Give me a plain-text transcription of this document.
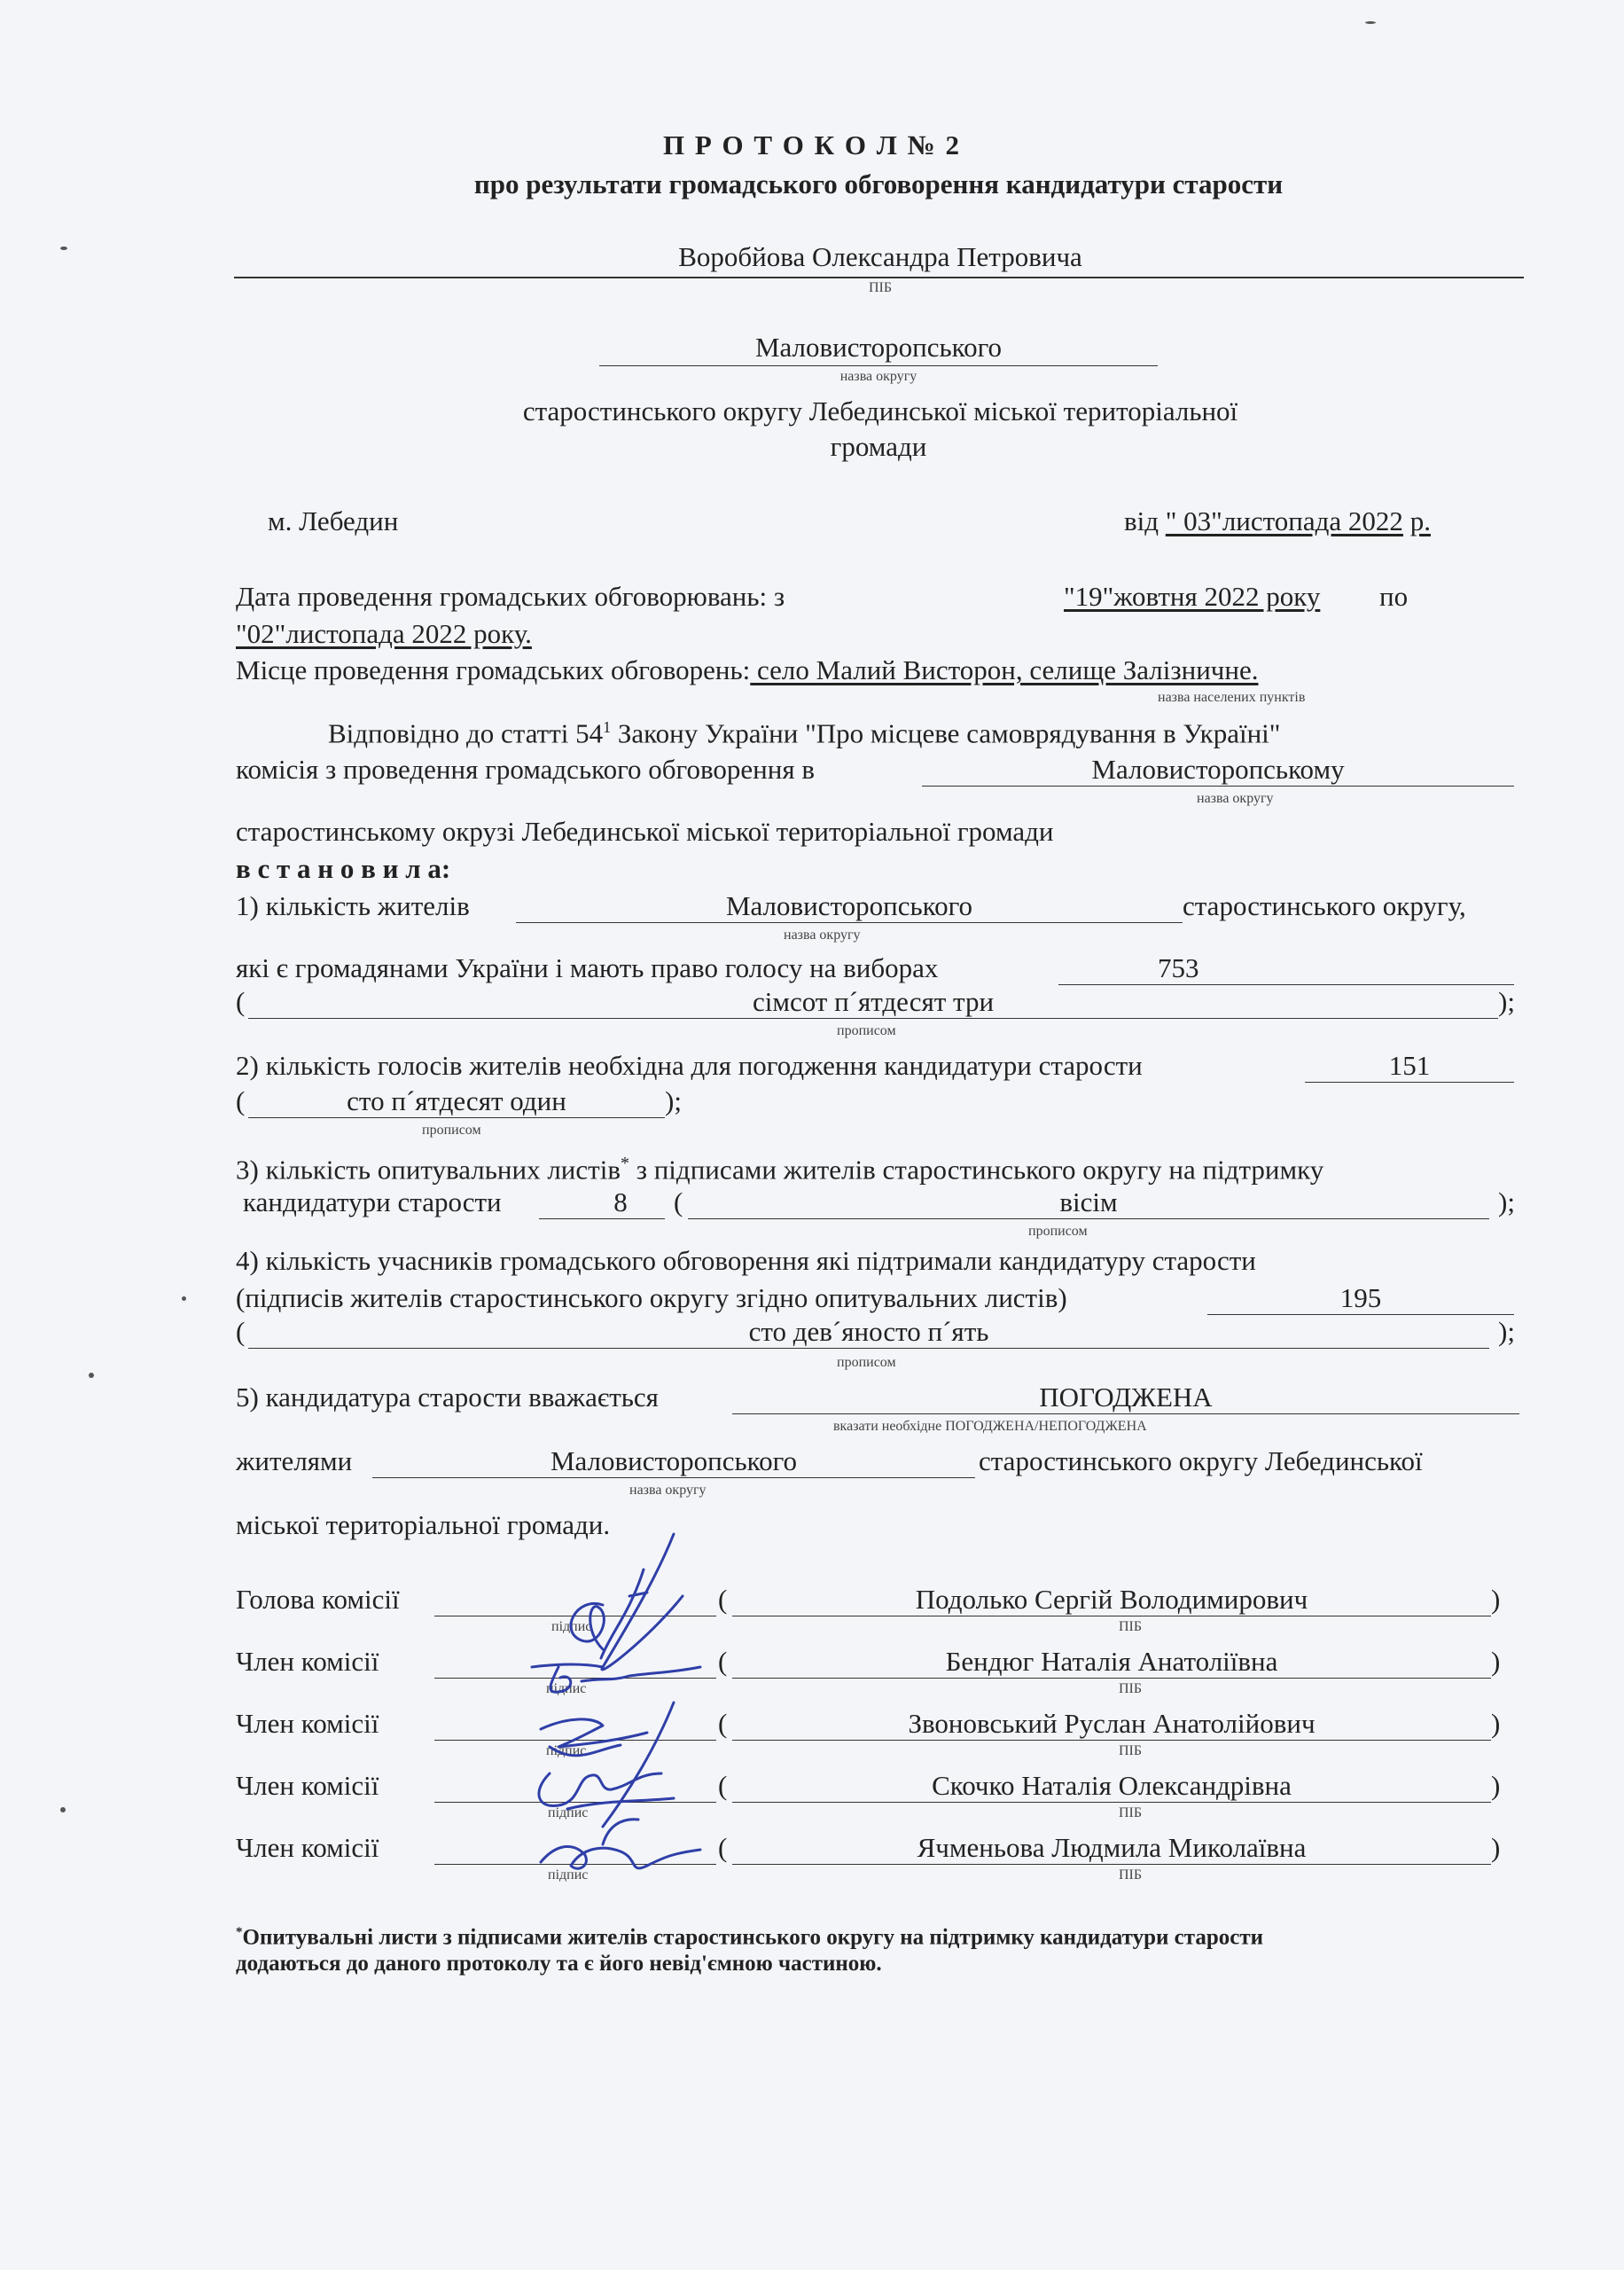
П Р О Т О К О Л № 2
про результати громадського обговорення кандидатури старости
Воробйова Олександра Петровича
ПІБ
Маловисторопського
назва округу
старостинського округу Лебединської міської територіальної
громади
м. Лебедин	від " 03"листопада 2022 р.
Дата проведення громадських обговорювань: з	"19"жовтня 2022 року по
"02"листопада 2022 року.
Місце проведення громадських обговорень: село Малий Висторон, селище Залізничне.
назва населених пунктів
Відповідно до статті $54^1$ Закону України "Про місцеве самоврядування в Україні"
комісія з проведення громадського обговорення в	Маловисторопському
назва округу
старостинському окрузі Лебединської міської територіальної громади
в с т а н о в и л а:
1) кількість жителів	Маловисторопського	старостинського округу,
назва округу
які є громадянами України і мають право голосу на виборах	753
(	сімсот п´ятдесят три	);
прописом
2) кількість голосів жителів необхідна для погодження кандидатури старости	151
(	сто п´ятдесят один	);
прописом
3) кількість опитувальних листів* з підписами жителів старостинського округу на підтримку
кандидатури старости	8	(	вісім	);
прописом
4) кількість учасників громадського обговорення які підтримали кандидатуру старости
(підписів жителів старостинського округу згідно опитувальних листів)	195
(	сто дев´яносто п´ять	);
прописом
5) кандидатура старости вважається	ПОГОДЖЕНА
вказати необхідне ПОГОДЖЕНА/НЕПОГОДЖЕНА
жителями	Маловисторопського	старостинського округу Лебединської
назва округу
міської територіальної громади.
Голова комісії
підпис
(	Подолько Сергій Володимирович	)
ПІБ
Член комісії
підпис
(	Бендюг Наталія Анатоліївна	)
ПІБ
Член комісії
підпис
(	Звоновський Руслан Анатолійович	)
ПІБ
Член комісії
підпис
(	Скочко Наталія Олександрівна	)
ПІБ
Член комісії
підпис
(	Ячменьова Людмила Миколаївна	)
ПІБ
*Опитувальні листи з підписами жителів старостинського округу на підтримку кандидатури старости
додаються до даного протоколу та є його невід'ємною частиною.
